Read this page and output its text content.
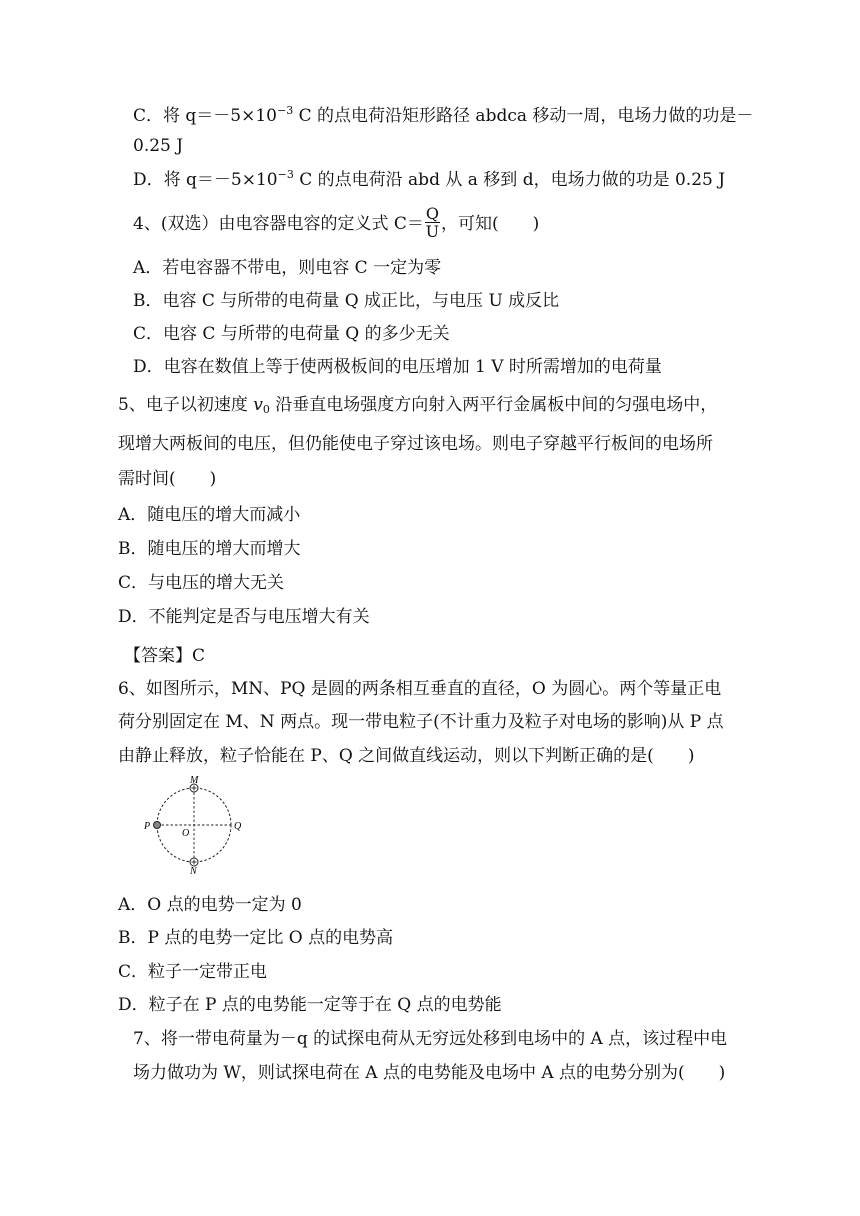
C．将 $q=-5\times 10^{-3}$ C 的点电荷沿矩形路径 abdca 移动一周，电场力做的功是－
0.25 J
D．将 $q=-5\times 10^{-3}$ C 的点电荷沿 abd 从 a 移到 d，电场力做的功是 0.25 J
4、(双选）由电容器电容的定义式 $C= \frac{Q}{U}$ ，可知(　　)
A．若电容器不带电，则电容 C 一定为零
B．电容 C 与所带的电荷量 Q 成正比，与电压 U 成反比
C．电容 C 与所带的电荷量 Q 的多少无关
D．电容在数值上等于使两极板间的电压增加 1 V 时所需增加的电荷量
5、电子以初速度 $v_0$ 沿垂直电场强度方向射入两平行金属板中间的匀强电场中，
现增大两板间的电压，但仍能使电子穿过该电场。则电子穿越平行板间的电场所
需时间(　　)
A．随电压的增大而减小
B．随电压的增大而增大
C．与电压的增大无关
D．不能判定是否与电压增大有关
【答案】C
6、如图所示，MN、PQ 是圆的两条相互垂直的直径，O 为圆心。两个等量正电
荷分别固定在 M、N 两点。现一带电粒子(不计重力及粒子对电场的影响)从 P 点
由静止释放，粒子恰能在 P、Q 之间做直线运动，则以下判断正确的是(　　)
M
N
P	Q
O
A．O 点的电势一定为 0
B．P 点的电势一定比 O 点的电势高
C．粒子一定带正电
D．粒子在 P 点的电势能一定等于在 Q 点的电势能
7、将一带电荷量为－q 的试探电荷从无穷远处移到电场中的 A 点，该过程中电
场力做功为 W，则试探电荷在 A 点的电势能及电场中 A 点的电势分别为(　　)
